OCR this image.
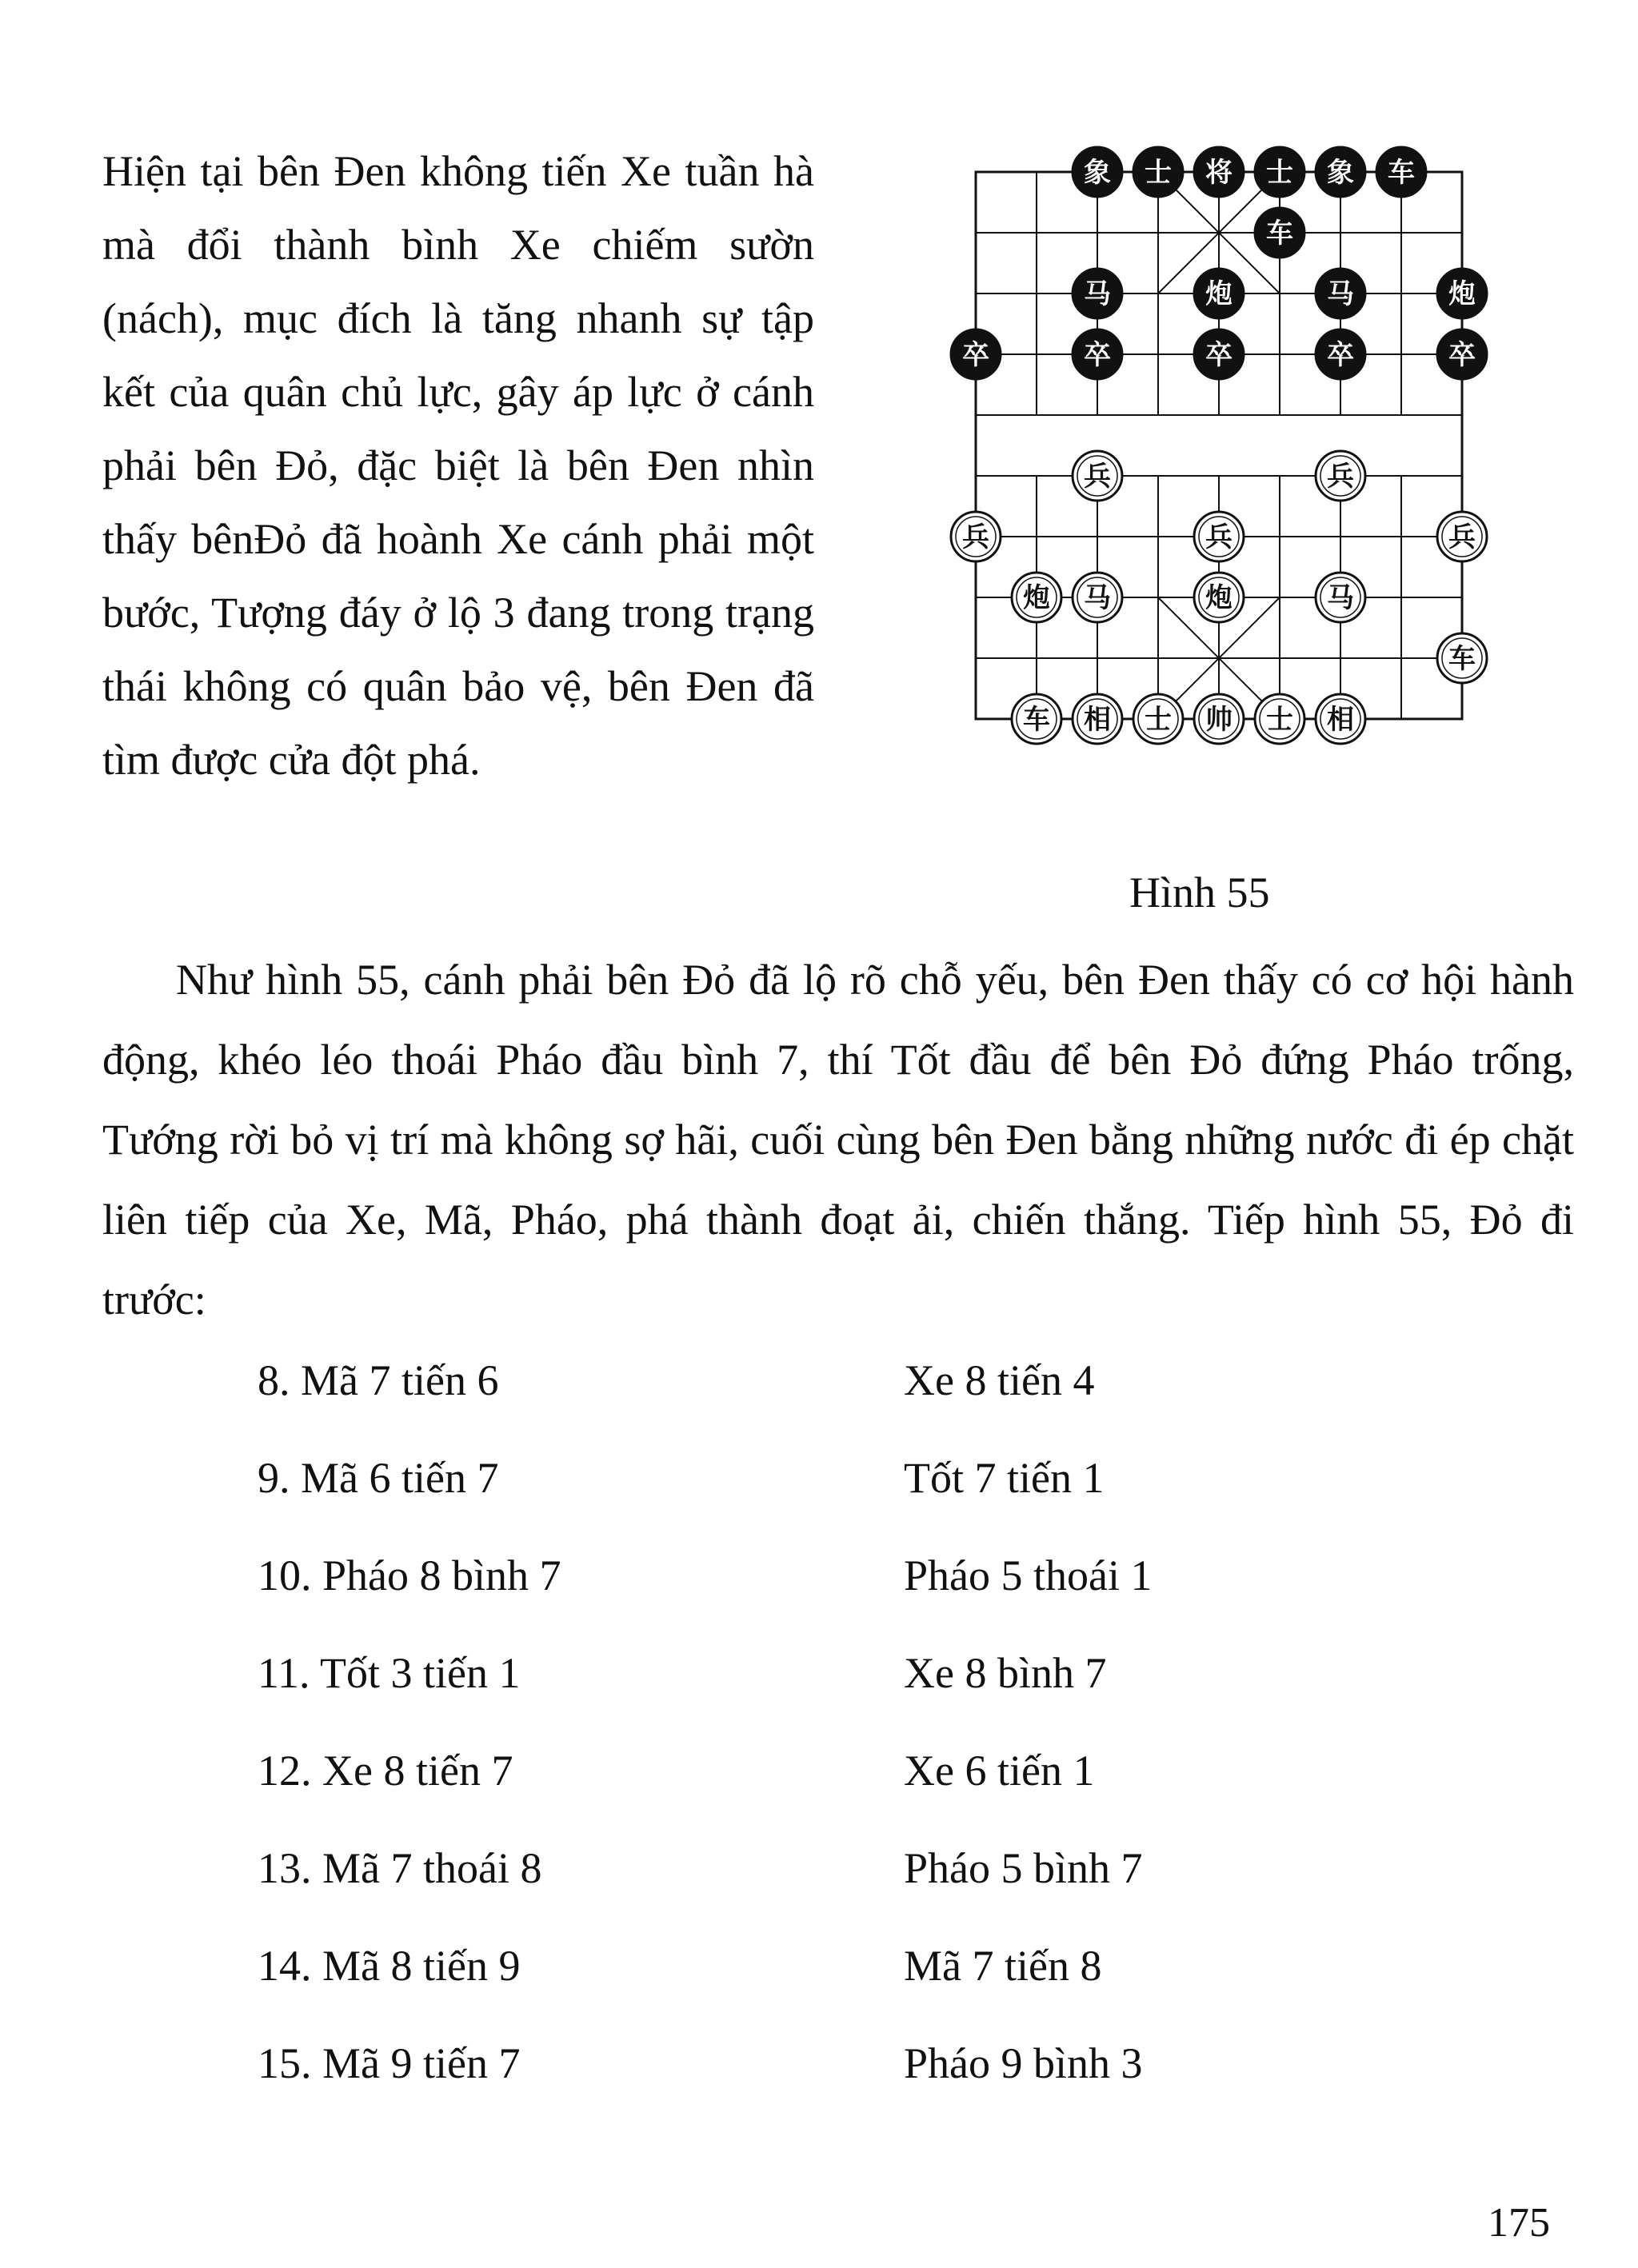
Hiện tại bên Đen không tiến Xe tuần hà mà đổi thành bình Xe chiếm sườn (nách), mục đích là tăng nhanh sự tập kết của quân chủ lực, gây áp lực ở cánh phải bên Đỏ, đặc biệt là bên Đen nhìn thấy bênĐỏ đã hoành Xe cánh phải một bước, Tượng đáy ở lộ 3 đang trong trạng thái không có quân bảo vệ, bên Đen đã tìm được cửa đột phá.

象 士 将 士 象 车
车
马	炮	马	炮
卒	卒	卒	卒	卒
兵	兵
兵	兵	兵
炮 马	炮	马
车
车 相 士 帅 士 相
Hình 55

Như hình 55, cánh phải bên Đỏ đã lộ rõ chỗ yếu, bên Đen thấy có cơ hội hành động, khéo léo thoái Pháo đầu bình 7, thí Tốt đầu để bên Đỏ đứng Pháo trống, Tướng rời bỏ vị trí mà không sợ hãi, cuối cùng bên Đen bằng những nước đi ép chặt liên tiếp của Xe, Mã, Pháo, phá thành đoạt ải, chiến thắng. Tiếp hình 55, Đỏ đi trước:

8. Mã 7 tiến 6	Xe 8 tiến 4
9. Mã 6 tiến 7	Tốt 7 tiến 1
10. Pháo 8 bình 7	Pháo 5 thoái 1
11. Tốt 3 tiến 1	Xe 8 bình 7
12. Xe 8 tiến 7	Xe 6 tiến 1
13. Mã 7 thoái 8	Pháo 5 bình 7
14. Mã 8 tiến 9	Mã 7 tiến 8
15. Mã 9 tiến 7	Pháo 9 bình 3
175
